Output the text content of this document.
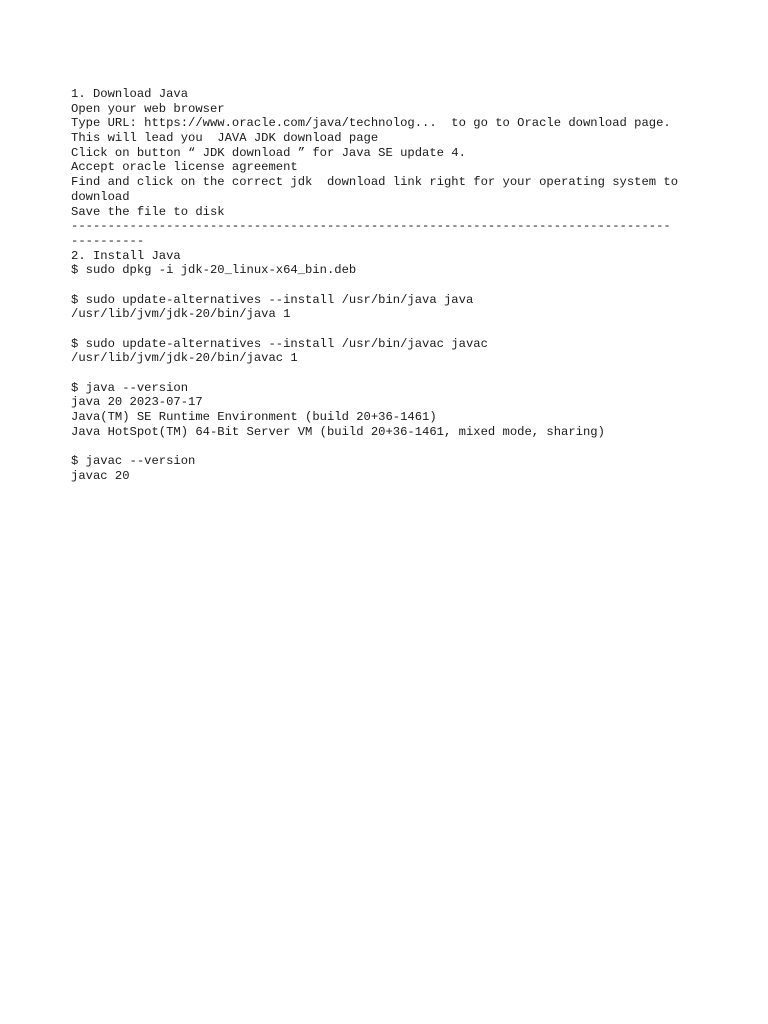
1. Download Java
Open your web browser
Type URL: https://www.oracle.com/java/technolog...  to go to Oracle download page.
This will lead you  JAVA JDK download page
Click on button “ JDK download ” for Java SE update 4.
Accept oracle license agreement
Find and click on the correct jdk  download link right for your operating system to
download
Save the file to disk
----------------------------------------------------------------------------------
----------
2. Install Java
$ sudo dpkg -i jdk-20_linux-x64_bin.deb
$ sudo update-alternatives --install /usr/bin/java java
/usr/lib/jvm/jdk-20/bin/java 1
$ sudo update-alternatives --install /usr/bin/javac javac
/usr/lib/jvm/jdk-20/bin/javac 1
$ java --version
java 20 2023-07-17
Java(TM) SE Runtime Environment (build 20+36-1461)
Java HotSpot(TM) 64-Bit Server VM (build 20+36-1461, mixed mode, sharing)
$ javac --version
javac 20
